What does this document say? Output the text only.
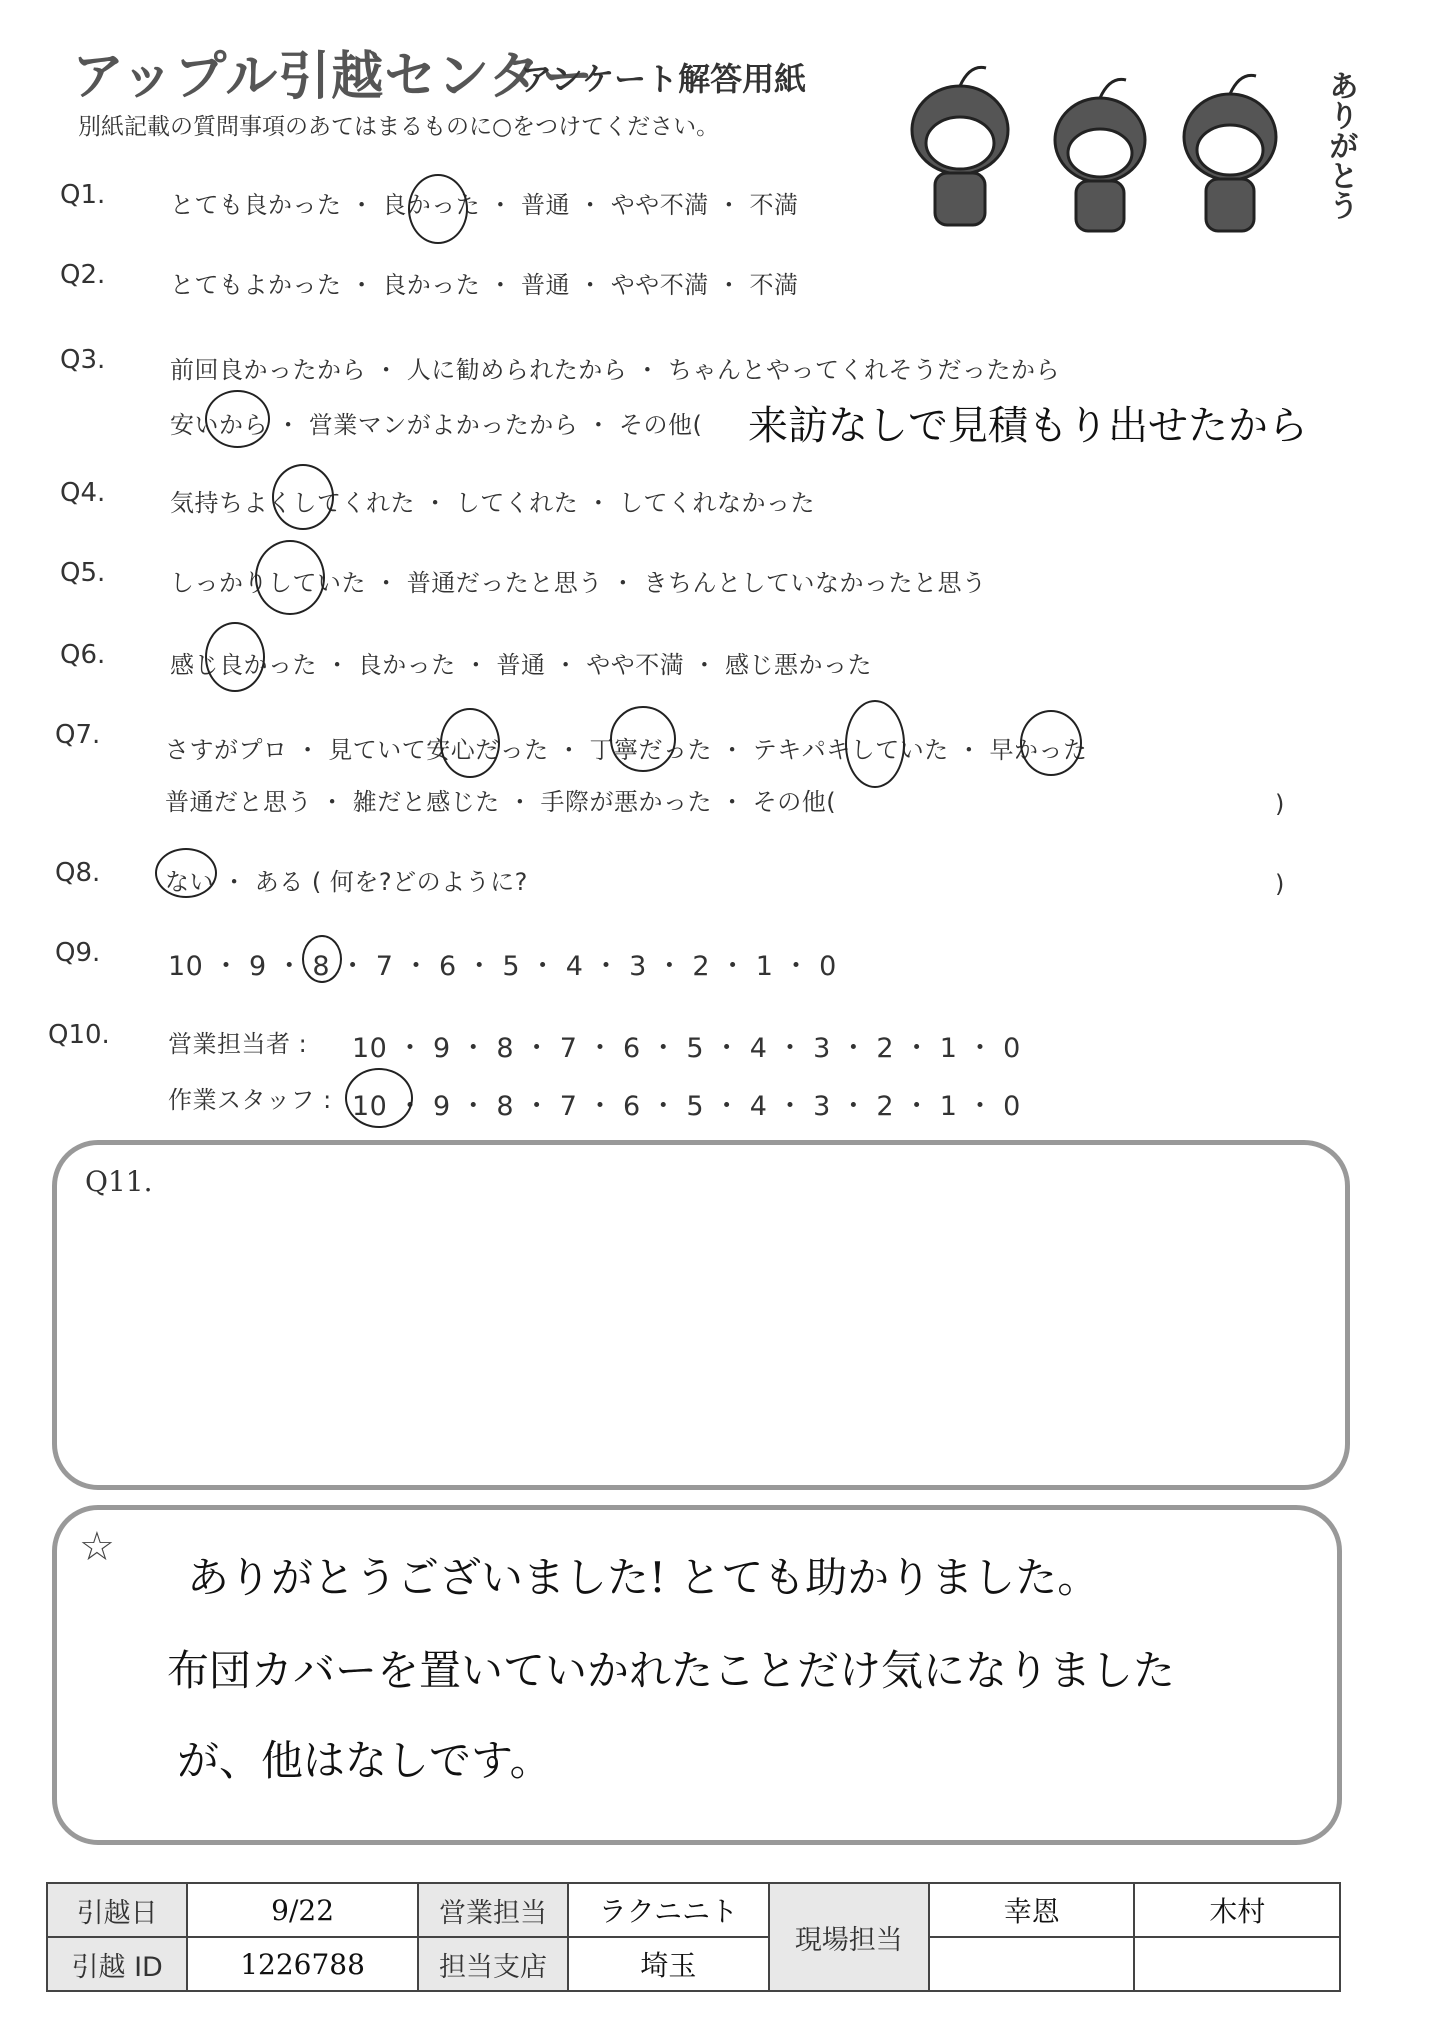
アップル引越センター
アンケート解答用紙
別紙記載の質問事項のあてはまるものに○をつけてください。	ありがとう
Q1.	とても良かった ・ 良かった ・ 普通 ・ やや不満 ・ 不満
Q2.	とてもよかった ・ 良かった ・ 普通 ・ やや不満 ・ 不満
Q3.	前回良かったから ・ 人に勧められたから ・ ちゃんとやってくれそうだったから
安いから ・ 営業マンがよかったから ・ その他( 来訪なしで見積もり出せたから
Q4.	気持ちよくしてくれた ・ してくれた ・ してくれなかった
Q5.	しっかりしていた ・ 普通だったと思う ・ きちんとしていなかったと思う
Q6.	感じ良かった ・ 良かった ・ 普通 ・ やや不満 ・ 感じ悪かった
Q7.	さすがプロ ・ 見ていて安心だった ・ 丁寧だった ・ テキパキしていた ・ 早かった
普通だと思う ・ 雑だと感じた ・ 手際が悪かった ・ その他(	)
Q8.	ない ・ ある ( 何を?どのように?	)
Q9.	10 ・ 9 ・ 8 ・ 7 ・ 6 ・ 5 ・ 4 ・ 3 ・ 2 ・ 1 ・ 0
Q10. 営業担当者 : 10 ・ 9 ・ 8 ・ 7 ・ 6 ・ 5 ・ 4 ・ 3 ・ 2 ・ 1 ・ 0
作業スタッフ : 10 ・ 9 ・ 8 ・ 7 ・ 6 ・ 5 ・ 4 ・ 3 ・ 2 ・ 1 ・ 0
Q11.
☆
ありがとうございました! とても助かりました。
布団カバーを置いていかれたことだけ気になりました
が、他はなしです。
引越日	9/22	営業担当	ラクニニト	現場担当	幸恩	木村
引越 ID	1226788	担当支店	埼玉			
